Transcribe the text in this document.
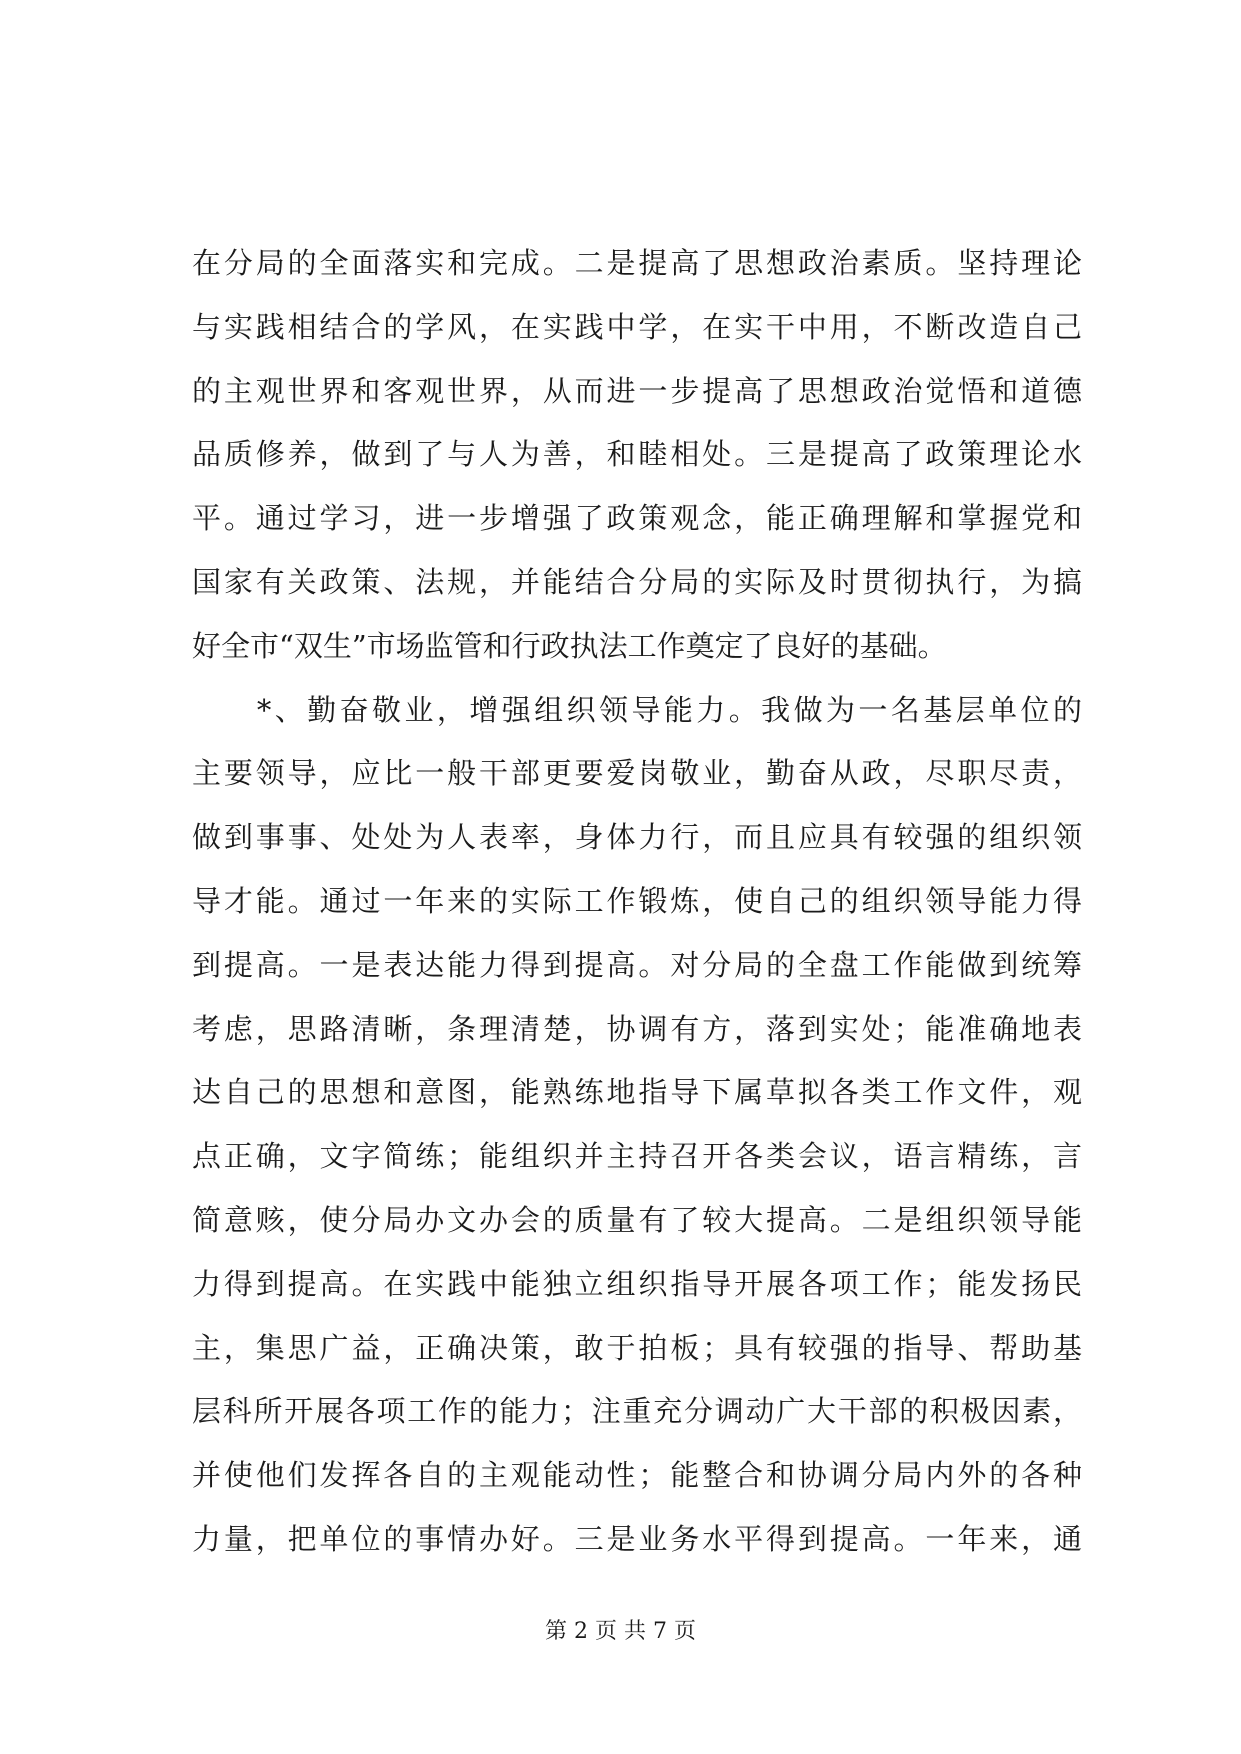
在分局的全面落实和完成。二是提高了思想政治素质。坚持理论
与实践相结合的学风，在实践中学，在实干中用，不断改造自己
的主观世界和客观世界，从而进一步提高了思想政治觉悟和道德
品质修养，做到了与人为善，和睦相处。三是提高了政策理论水
平。通过学习，进一步增强了政策观念，能正确理解和掌握党和
国家有关政策、法规，并能结合分局的实际及时贯彻执行，为搞
好全市“双生”市场监管和行政执法工作奠定了良好的基础。
　　*、勤奋敬业，增强组织领导能力。我做为一名基层单位的
主要领导，应比一般干部更要爱岗敬业，勤奋从政，尽职尽责，
做到事事、处处为人表率，身体力行，而且应具有较强的组织领
导才能。通过一年来的实际工作锻炼，使自己的组织领导能力得
到提高。一是表达能力得到提高。对分局的全盘工作能做到统筹
考虑，思路清晰，条理清楚，协调有方，落到实处；能准确地表
达自己的思想和意图，能熟练地指导下属草拟各类工作文件，观
点正确，文字简练；能组织并主持召开各类会议，语言精练，言
简意赅，使分局办文办会的质量有了较大提高。二是组织领导能
力得到提高。在实践中能独立组织指导开展各项工作；能发扬民
主，集思广益，正确决策，敢于拍板；具有较强的指导、帮助基
层科所开展各项工作的能力；注重充分调动广大干部的积极因素，
并使他们发挥各自的主观能动性；能整合和协调分局内外的各种
力量，把单位的事情办好。三是业务水平得到提高。一年来，通
第 2 页 共 7 页
